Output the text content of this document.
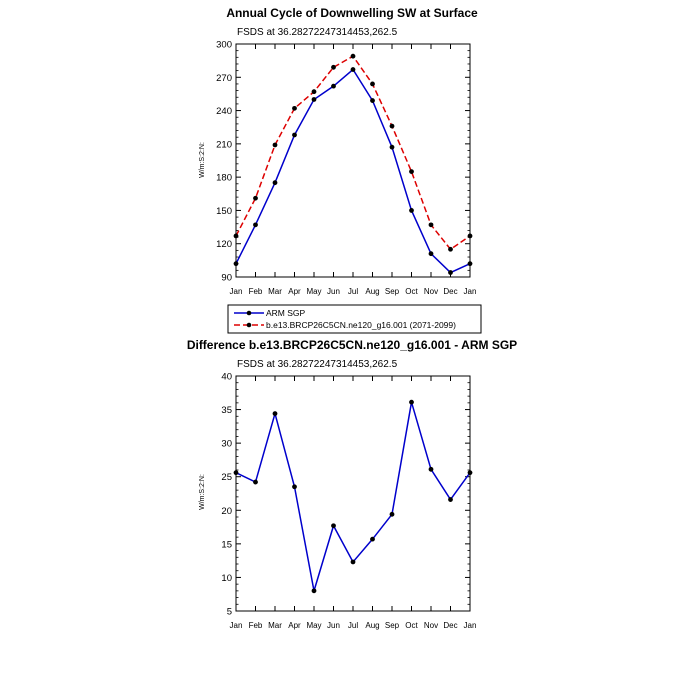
Annual Cycle of Downwelling SW at Surface
FSDS at 36.28272247314453,262.5
W/m:S:2:N:
90
120
150
180
210
240
270
300
Jan Feb Mar Apr May Jun Jul Aug Sep Oct Nov Dec Jan
ARM SGP
b.e13.BRCP26C5CN.ne120_g16.001 (2071-2099)
Difference b.e13.BRCP26C5CN.ne120_g16.001 - ARM SGP
FSDS at 36.28272247314453,262.5
W/m:S:2:N:
5
10
15
20
25
30
35
40
Jan Feb Mar Apr May Jun Jul Aug Sep Oct Nov Dec Jan
